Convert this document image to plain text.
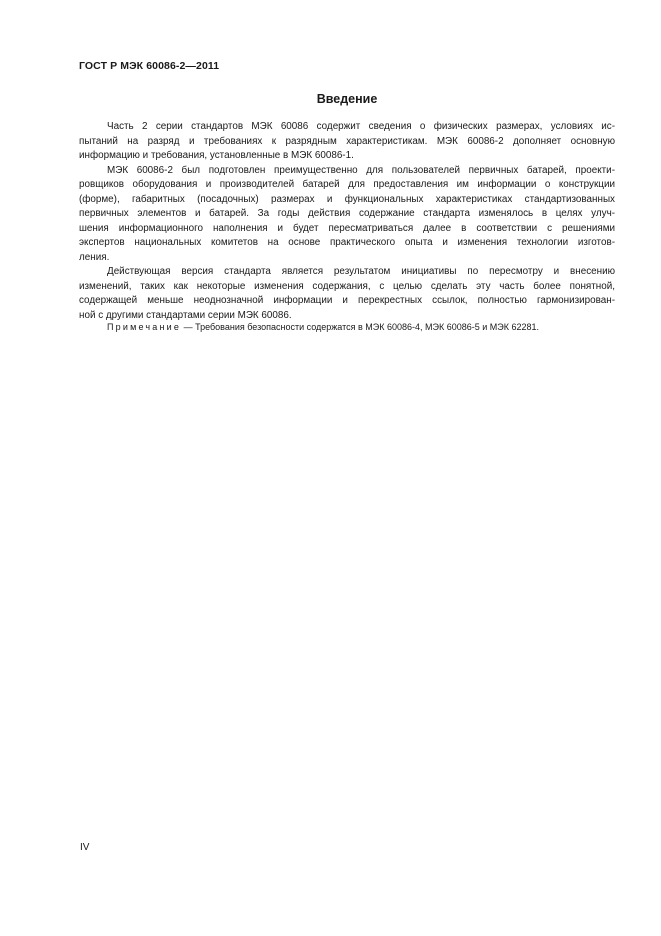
ГОСТ Р МЭК 60086-2—2011
Введение
Часть 2 серии стандартов МЭК 60086 содержит сведения о физических размерах, условиях ис-
пытаний на разряд и требованиях к разрядным характеристикам. МЭК 60086-2 дополняет основную
информацию и требования, установленные в МЭК 60086-1.
МЭК 60086-2 был подготовлен преимущественно для пользователей первичных батарей, проекти-
ровщиков оборудования и производителей батарей для предоставления им информации о конструкции
(форме), габаритных (посадочных) размерах и функциональных характеристиках стандартизованных
первичных элементов и батарей. За годы действия содержание стандарта изменялось в целях улуч-
шения информационного наполнения и будет пересматриваться далее в соответствии с решениями
экспертов национальных комитетов на основе практического опыта и изменения технологии изготов-
ления.
Действующая версия стандарта является результатом инициативы по пересмотру и внесению
изменений, таких как некоторые изменения содержания, с целью сделать эту часть более понятной,
содержащей меньше неоднозначной информации и перекрестных ссылок, полностью гармонизирован-
ной с другими стандартами серии МЭК 60086.
Примечание — Требования безопасности содержатся в МЭК 60086-4, МЭК 60086-5 и МЭК 62281.
IV
